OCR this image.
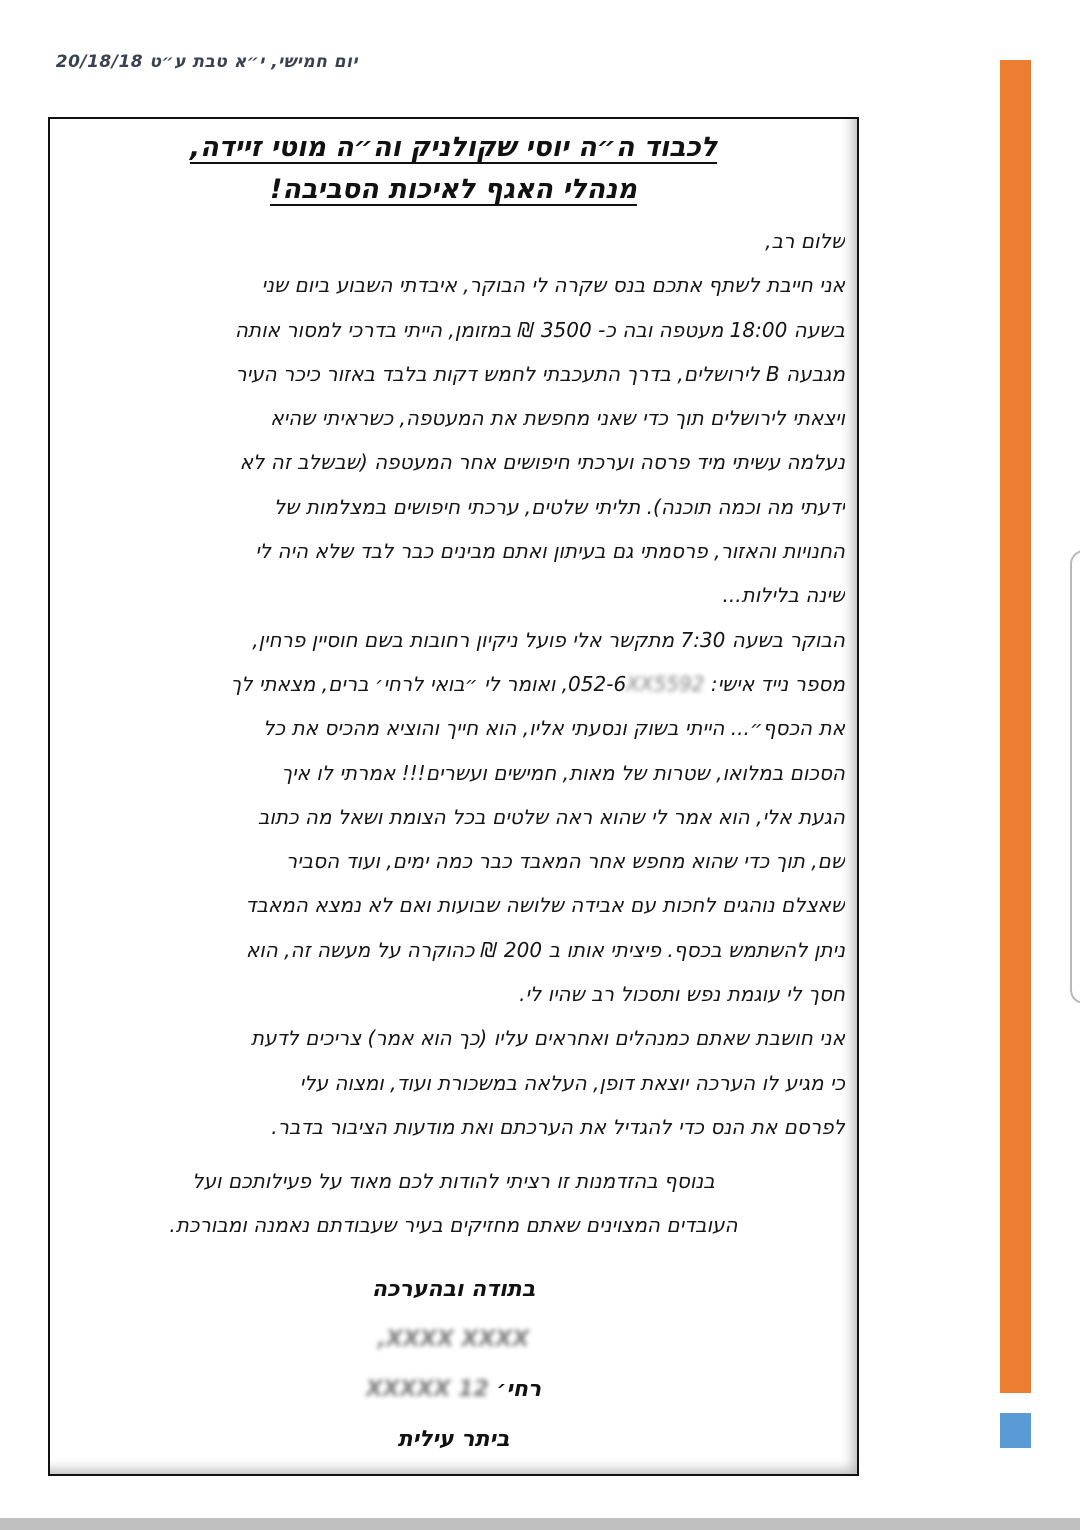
יום חמישי, י״א טבת ע״ט 20/18/18
לכבוד ה״ה יוסי שקולניק וה״ה מוטי זיידה,
מנהלי האגף לאיכות הסביבה!
שלום רב,
אני חייבת לשתף אתכם בנס שקרה לי הבוקר, איבדתי השבוע ביום שני
בשעה 18:00 מעטפה ובה כ- 3500 ₪ במזומן, הייתי בדרכי למסור אותה
מגבעה B לירושלים, בדרך התעכבתי לחמש דקות בלבד באזור כיכר העיר
ויצאתי לירושלים תוך כדי שאני מחפשת את המעטפה, כשראיתי שהיא
נעלמה עשיתי מיד פרסה וערכתי חיפושים אחר המעטפה (שבשלב זה לא
ידעתי מה וכמה תוכנה). תליתי שלטים, ערכתי חיפושים במצלמות של
החנויות והאזור, פרסמתי גם בעיתון ואתם מבינים כבר לבד שלא היה לי
שינה בלילות...
הבוקר בשעה 7:30 מתקשר אלי פועל ניקיון רחובות בשם חוסיין פרחין,
מספר נייד אישי: XX5592052-6, ואומר לי ״בואי לרחי׳ ברים, מצאתי לך
את הכסף״... הייתי בשוק ונסעתי אליו, הוא חייך והוציא מהכיס את כל
הסכום במלואו, שטרות של מאות, חמישים ועשרים!!! אמרתי לו איך
הגעת אלי, הוא אמר לי שהוא ראה שלטים בכל הצומת ושאל מה כתוב
שם, תוך כדי שהוא מחפש אחר המאבד כבר כמה ימים, ועוד הסביר
שאצלם נוהגים לחכות עם אבידה שלושה שבועות ואם לא נמצא המאבד
ניתן להשתמש בכסף. פיציתי אותו ב 200 ₪ כהוקרה על מעשה זה, הוא
חסך לי עוגמת נפש ותסכול רב שהיו לי.
אני חושבת שאתם כמנהלים ואחראים עליו (כך הוא אמר) צריכים לדעת
כי מגיע לו הערכה יוצאת דופן, העלאה במשכורת ועוד, ומצוה עלי
לפרסם את הנס כדי להגדיל את הערכתם ואת מודעות הציבור בדבר.
בנוסף בהזדמנות זו רציתי להודות לכם מאוד על פעילותכם ועל
העובדים המצוינים שאתם מחזיקים בעיר שעבודתם נאמנה ומבורכת.
בתודה ובהערכה
XXXX XXXX,
רחי׳ XXXXX 12
ביתר עילית
